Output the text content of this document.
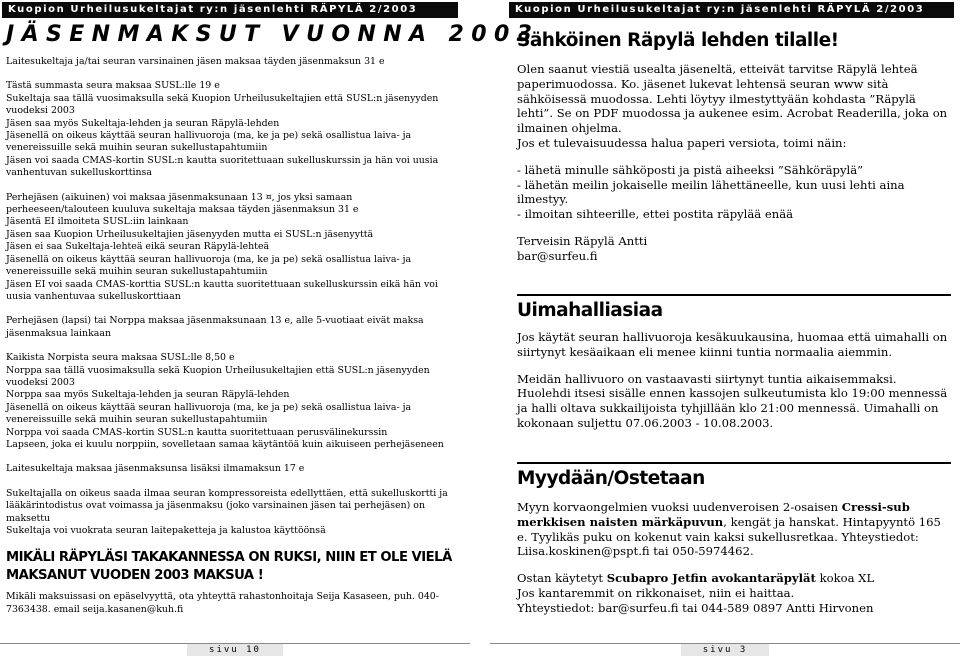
Kuopion Urheilusukeltajat ry:n jäsenlehti RÄPYLÄ 2/2003
JÄSENMAKSUT VUONNA 2003

Laitesukeltaja ja/tai seuran varsinainen jäsen maksaa täyden jäsenmaksun 31 e

Tästä summasta seura maksaa SUSL:lle 19 e

Sukeltaja saa tällä vuosimaksulla sekä Kuopion Urheilusukeltajien että SUSL:n jäsenyyden vuodeksi 2003

Jäsen saa myös Sukeltaja-lehden ja seuran Räpylä-lehden

Jäsenellä on oikeus käyttää seuran hallivuoroja (ma, ke ja pe) sekä osallistua laiva- ja venereissuille sekä muihin seuran sukellustapahtumiin

Jäsen voi saada CMAS-kortin SUSL:n kautta suoritettuaan sukelluskurssin ja hän voi uusia vanhentuvan sukelluskorttinsa

Perhejäsen (aikuinen) voi maksaa jäsenmaksunaan 13 ¤, jos yksi samaan perheeseen/talouteen kuuluva sukeltaja maksaa täyden jäsenmaksun 31 e

Jäsentä EI ilmoiteta SUSL:iin lainkaan

Jäsen saa Kuopion Urheilusukeltajien jäsenyyden mutta ei SUSL:n jäsenyyttä

Jäsen ei saa Sukeltaja-lehteä eikä seuran Räpylä-lehteä

Jäsenellä on oikeus käyttää seuran hallivuoroja (ma, ke ja pe) sekä osallistua laiva- ja venereissuille sekä muihin seuran sukellustapahtumiin

Jäsen EI voi saada CMAS-korttia SUSL:n kautta suoritettuaan sukelluskurssin eikä hän voi uusia vanhentuvaa sukelluskorttiaan

Perhejäsen (lapsi) tai Norppa maksaa jäsenmaksunaan 13 e, alle 5-vuotiaat eivät maksa jäsenmaksua lainkaan

Kaikista Norpista seura maksaa SUSL:lle 8,50 e

Norppa saa tällä vuosimaksulla sekä Kuopion Urheilusukeltajien että SUSL:n jäsenyyden vuodeksi 2003

Norppa saa myös Sukeltaja-lehden ja seuran Räpylä-lehden

Jäsenellä on oikeus käyttää seuran hallivuoroja (ma, ke ja pe) sekä osallistua laiva- ja venereissuille sekä muihin seuran sukellustapahtumiin

Norppa voi saada CMAS-kortin SUSL:n kautta suoritettuaan perusvälinekurssin

Lapseen, joka ei kuulu norppiin, sovelletaan samaa käytäntöä kuin aikuiseen perhejäseneen

Laitesukeltaja maksaa jäsenmaksunsa lisäksi ilmamaksun 17 e

Sukeltajalla on oikeus saada ilmaa seuran kompressoreista edellyttäen, että sukelluskortti ja lääkärintodistus ovat voimassa ja jäsenmaksu (joko varsinainen jäsen tai perhejäsen) on maksettu

Sukeltaja voi vuokrata seuran laitepaketteja ja kalustoa käyttöönsä

MIKÄLI RÄPYLÄSI TAKAKANNESSA ON RUKSI, NIIN ET OLE VIELÄ MAKSANUT VUODEN 2003 MAKSUA !

Mikäli maksuissasi on epäselvyyttä, ota yhteyttä rahastonhoitaja Seija Kasaseen, puh. 040-7363438. email seija.kasanen@kuh.fi

sivu 10
Kuopion Urheilusukeltajat ry:n jäsenlehti RÄPYLÄ 2/2003
Sähköinen Räpylä lehden tilalle!

Olen saanut viestiä usealta jäseneltä, etteivät tarvitse Räpylä lehteä paperimuodossa. Ko. jäsenet lukevat lehtensä seuran www sità sähköisessä muodossa. Lehti löytyy ilmestyttyään kohdasta ”Räpylä lehti”. Se on PDF muodossa ja aukenee esim. Acrobat Readerilla, joka on ilmainen ohjelma.

Jos et tulevaisuudessa halua paperi versiota, toimi näin:

- lähetä minulle sähköposti ja pistä aiheeksi ”Sähköräpylä”

- lähetän meilin jokaiselle meilin lähettäneelle, kun uusi lehti aina ilmestyy.

- ilmoitan sihteerille, ettei postita räpylää enää

Terveisin Räpylä Antti

bar@surfeu.fi

Uimahalliasiaa

Jos käytät seuran hallivuoroja kesäkuukausina, huomaa että uimahalli on siirtynyt kesäaikaan eli menee kiinni tuntia normaalia aiemmin.

Meidän hallivuoro on vastaavasti siirtynyt tuntia aikaisemmaksi. Huolehdi itsesi sisälle ennen kassojen sulkeutumista klo 19:00 mennessä ja halli oltava sukkailijoista tyhjillään klo 21:00 mennessä. Uimahalli on kokonaan suljettu 07.06.2003 - 10.08.2003.

Myydään/Ostetaan

Myyn korvaongelmien vuoksi uudenveroisen 2-osaisen Cressi-sub merkkisen naisten märkäpuvun, kengät ja hanskat. Hintapyyntö 165 e. Tyylikäs puku on kokenut vain kaksi sukellusretkaa. Yhteystiedot: Liisa.koskinen@pspt.fi tai 050-5974462.

Ostan käytetyt Scubapro Jetfin avokantaräpylät kokoa XL

Jos kantaremmit on rikkonaiset, niin ei haittaa.

Yhteystiedot: bar@surfeu.fi tai 044-589 0897 Antti Hirvonen

sivu 3
